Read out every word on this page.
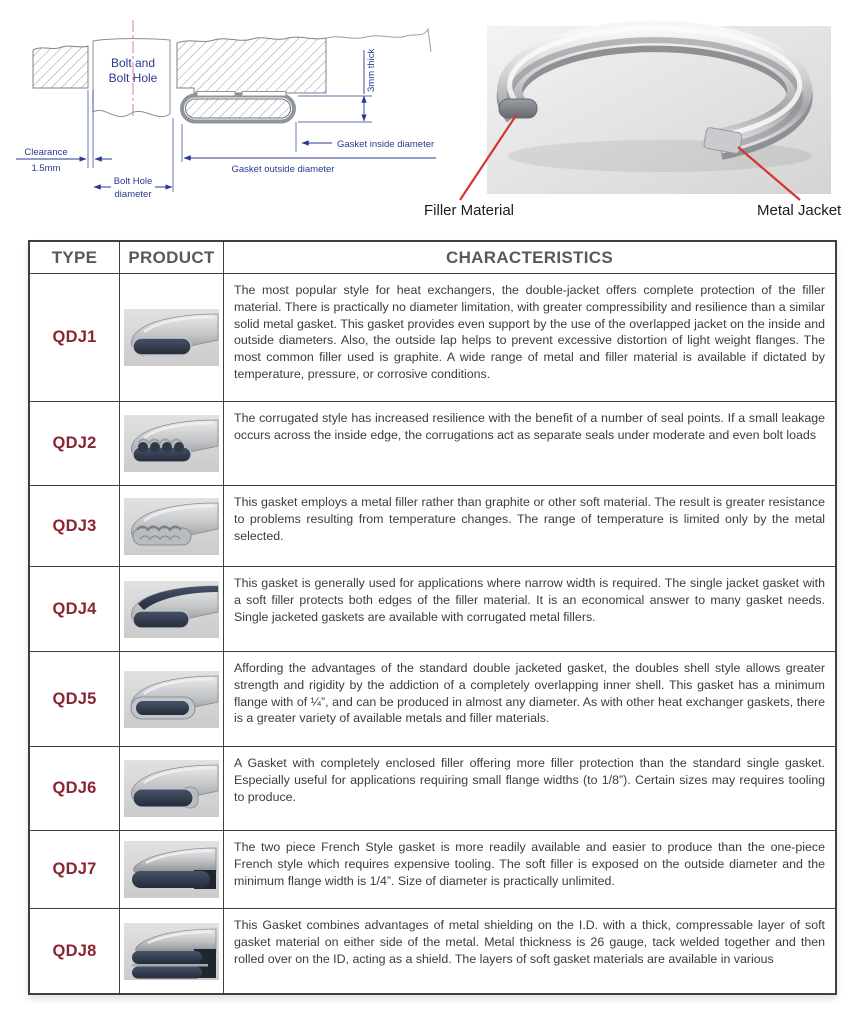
Bolt and
Bolt Hole	3mm thick
Gasket inside diameter
Gasket outside diameter
Clearance
1.5mm
Bolt Hole
diameter
Filler Material	Metal Jacket
TYPE	PRODUCT	CHARACTERISTICS
QDJ1
The most popular style for heat exchangers, the double-jacket offers complete protection of the filler material. There is practically no diameter limitation, with greater compressibility and resilience than a similar solid metal gasket. This gasket provides even support by the use of the overlapped jacket on the inside and outside diameters. Also, the outside lap helps to prevent excessive distortion of light weight flanges. The most common filler used is graphite. A wide range of metal and filler material is available if dictated by temperature, pressure, or corrosive conditions.
QDJ2
The corrugated style has increased resilience with the benefit of a number of seal points. If a small leakage occurs across the inside edge, the corrugations act as separate seals under moderate and even bolt loads
QDJ3
This gasket employs a metal filler rather than graphite or other soft material. The result is greater resistance to problems resulting from temperature changes. The range of temperature is limited only by the metal selected.
QDJ4
This gasket is generally used for applications where narrow width is required. The single jacket gasket with a soft filler protects both edges of the filler material. It is an economical answer to many gasket needs. Single jacketed gaskets are available with corrugated metal fillers.
QDJ5
Affording the advantages of the standard double jacketed gasket, the doubles shell style allows greater strength and rigidity by the addiction of a completely overlapping inner shell. This gasket has a minimum flange with of ¼”, and can be produced in almost any diameter. As with other heat exchanger gaskets, there is a greater variety of available metals and filler materials.
QDJ6
A Gasket with completely enclosed filler offering more filler protection than the standard single gasket. Especially useful for applications requiring small flange widths (to 1/8”). Certain sizes may requires tooling to produce.
QDJ7
The two piece French Style gasket is more readily available and easier to produce than the one-piece French style which requires expensive tooling. The soft filler is exposed on the outside diameter and the minimum flange width is 1/4”. Size of diameter is practically unlimited.
QDJ8
This Gasket combines advantages of metal shielding on the I.D. with a thick, compressable layer of soft gasket material on either side of the metal. Metal thickness is 26 gauge, tack welded together and then rolled over on the ID, acting as a shield. The layers of soft gasket materials are available in various
